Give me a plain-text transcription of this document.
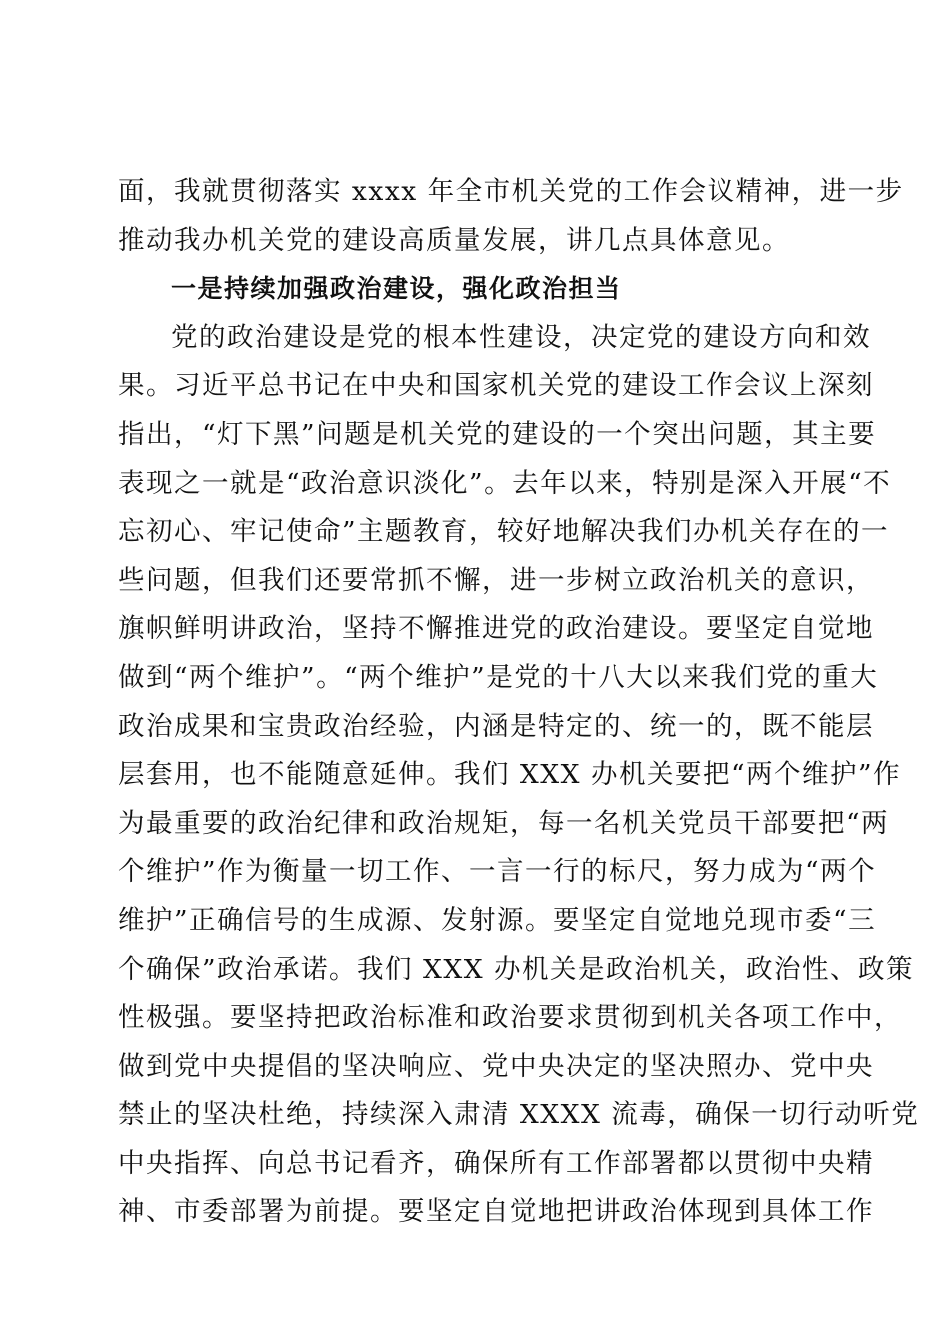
面，我就贯彻落实 xxxx 年全市机关党的工作会议精神，进一步
推动我办机关党的建设高质量发展，讲几点具体意见。
一是持续加强政治建设，强化政治担当
党的政治建设是党的根本性建设，决定党的建设方向和效
果。习近平总书记在中央和国家机关党的建设工作会议上深刻
指出，“灯下黑”问题是机关党的建设的一个突出问题，其主要
表现之一就是“政治意识淡化”。去年以来，特别是深入开展“不
忘初心、牢记使命”主题教育，较好地解决我们办机关存在的一
些问题，但我们还要常抓不懈，进一步树立政治机关的意识，
旗帜鲜明讲政治，坚持不懈推进党的政治建设。要坚定自觉地
做到“两个维护”。“两个维护”是党的十八大以来我们党的重大
政治成果和宝贵政治经验，内涵是特定的、统一的，既不能层
层套用，也不能随意延伸。我们 XXX 办机关要把“两个维护”作
为最重要的政治纪律和政治规矩，每一名机关党员干部要把“两
个维护”作为衡量一切工作、一言一行的标尺，努力成为“两个
维护”正确信号的生成源、发射源。要坚定自觉地兑现市委“三
个确保”政治承诺。我们 XXX 办机关是政治机关，政治性、政策
性极强。要坚持把政治标准和政治要求贯彻到机关各项工作中，
做到党中央提倡的坚决响应、党中央决定的坚决照办、党中央
禁止的坚决杜绝，持续深入肃清 XXXX 流毒，确保一切行动听党
中央指挥、向总书记看齐，确保所有工作部署都以贯彻中央精
神、市委部署为前提。要坚定自觉地把讲政治体现到具体工作
